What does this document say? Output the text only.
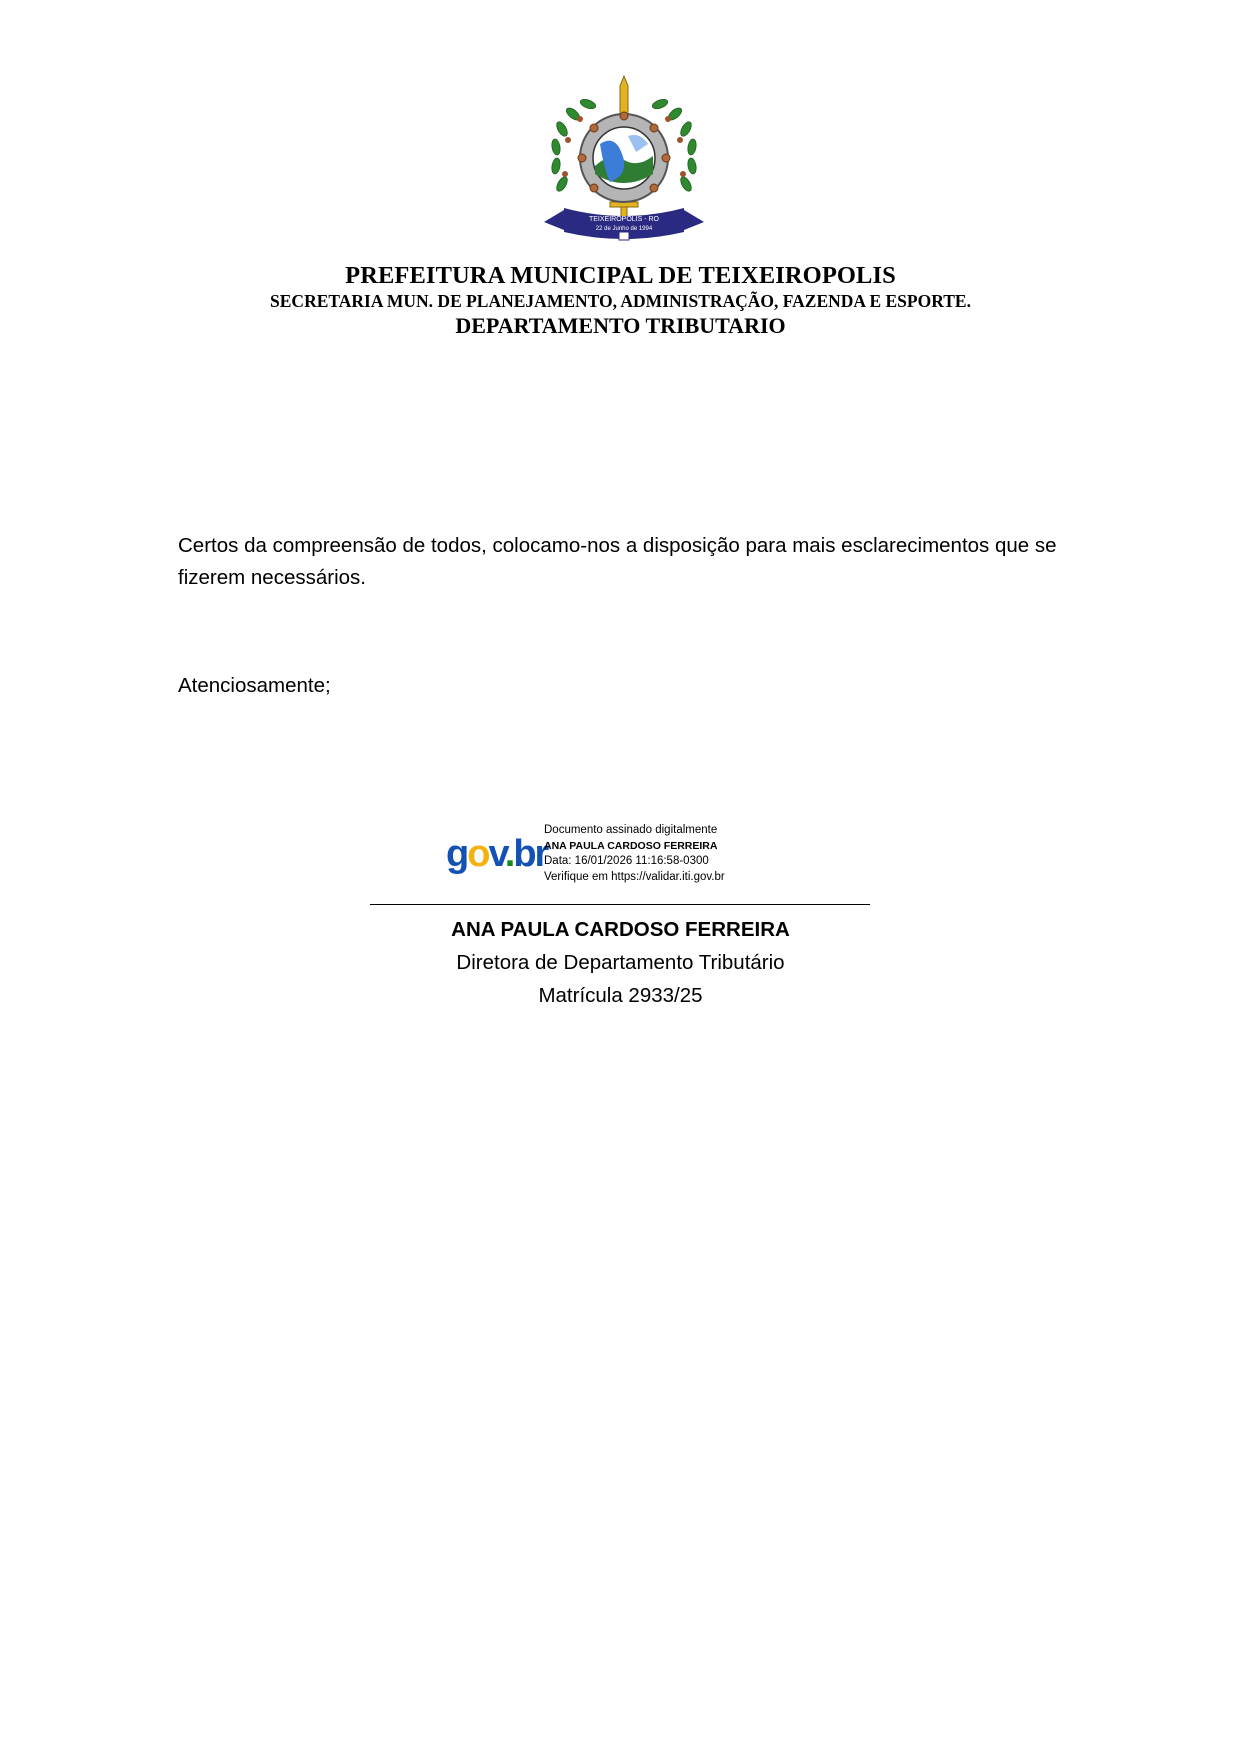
TEIXEIRÓPOLIS - RO
22 de Junho de 1994
PREFEITURA MUNICIPAL DE TEIXEIROPOLIS
SECRETARIA MUN. DE PLANEJAMENTO, ADMINISTRAÇÃO, FAZENDA E ESPORTE.
DEPARTAMENTO TRIBUTARIO
Certos da compreensão de todos, colocamo-nos a disposição para mais esclarecimentos que se fizerem necessários.
Atenciosamente;
gov.br
Documento assinado digitalmente
ANA PAULA CARDOSO FERREIRA
Data: 16/01/2026 11:16:58-0300
Verifique em https://validar.iti.gov.br
ANA PAULA CARDOSO FERREIRA
Diretora de Departamento Tributário
Matrícula 2933/25
